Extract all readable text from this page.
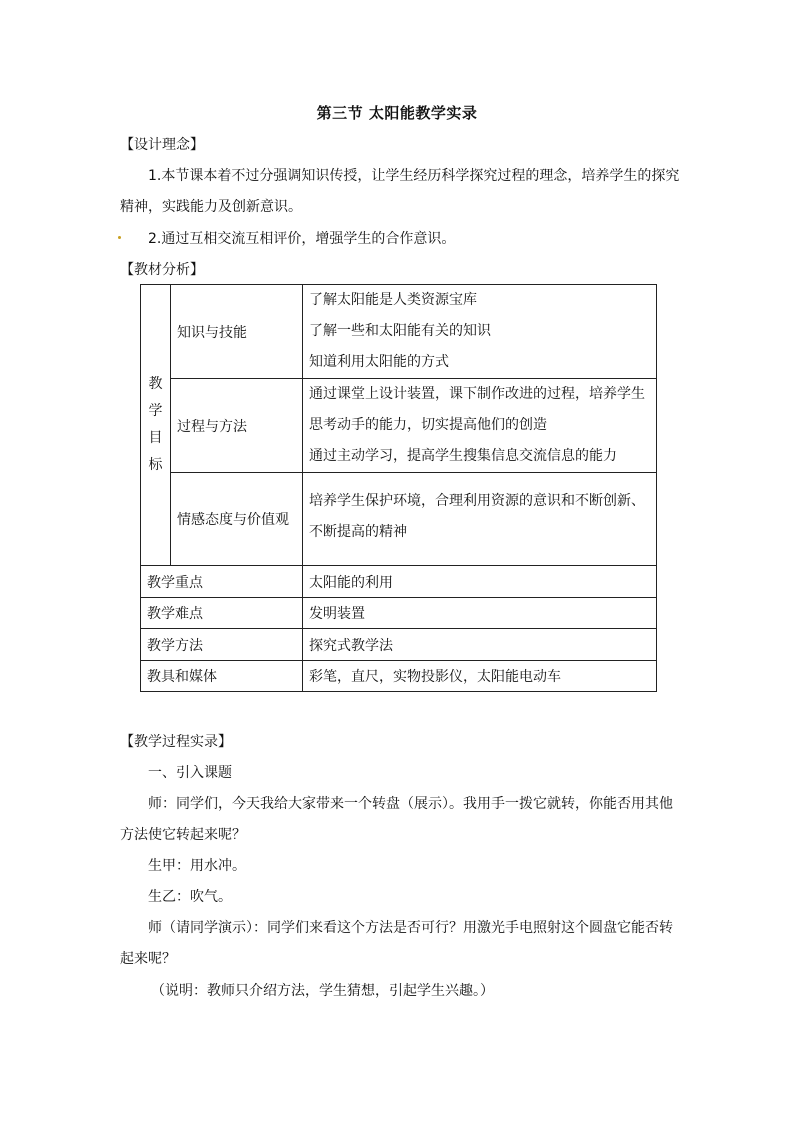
第三节 太阳能教学实录
【设计理念】
1.本节课本着不过分强调知识传授，让学生经历科学探究过程的理念，培养学生的探究
精神，实践能力及创新意识。
2.通过互相交流互相评价，增强学生的合作意识。
【教材分析】
教
学
目
标	知识与技能	了解太阳能是人类资源宝库
了解一些和太阳能有关的知识
知道利用太阳能的方式

	过程与方法	通过课堂上设计装置，课下制作改进的过程，培养学生
思考动手的能力，切实提高他们的创造
通过主动学习，提高学生搜集信息交流信息的能力

	情感态度与价值观	培养学生保护环境，合理利用资源的意识和不断创新、
不断提高的精神

教学重点		太阳能的利用
教学难点		发明装置
教学方法		探究式教学法
教具和媒体		彩笔，直尺，实物投影仪，太阳能电动车
【教学过程实录】
一、引入课题
师：同学们，今天我给大家带来一个转盘（展示）。我用手一拨它就转，你能否用其他
方法使它转起来呢？
生甲：用水冲。
生乙：吹气。
师（请同学演示）：同学们来看这个方法是否可行？用激光手电照射这个圆盘它能否转
起来呢？
（说明：教师只介绍方法，学生猜想，引起学生兴趣。）
